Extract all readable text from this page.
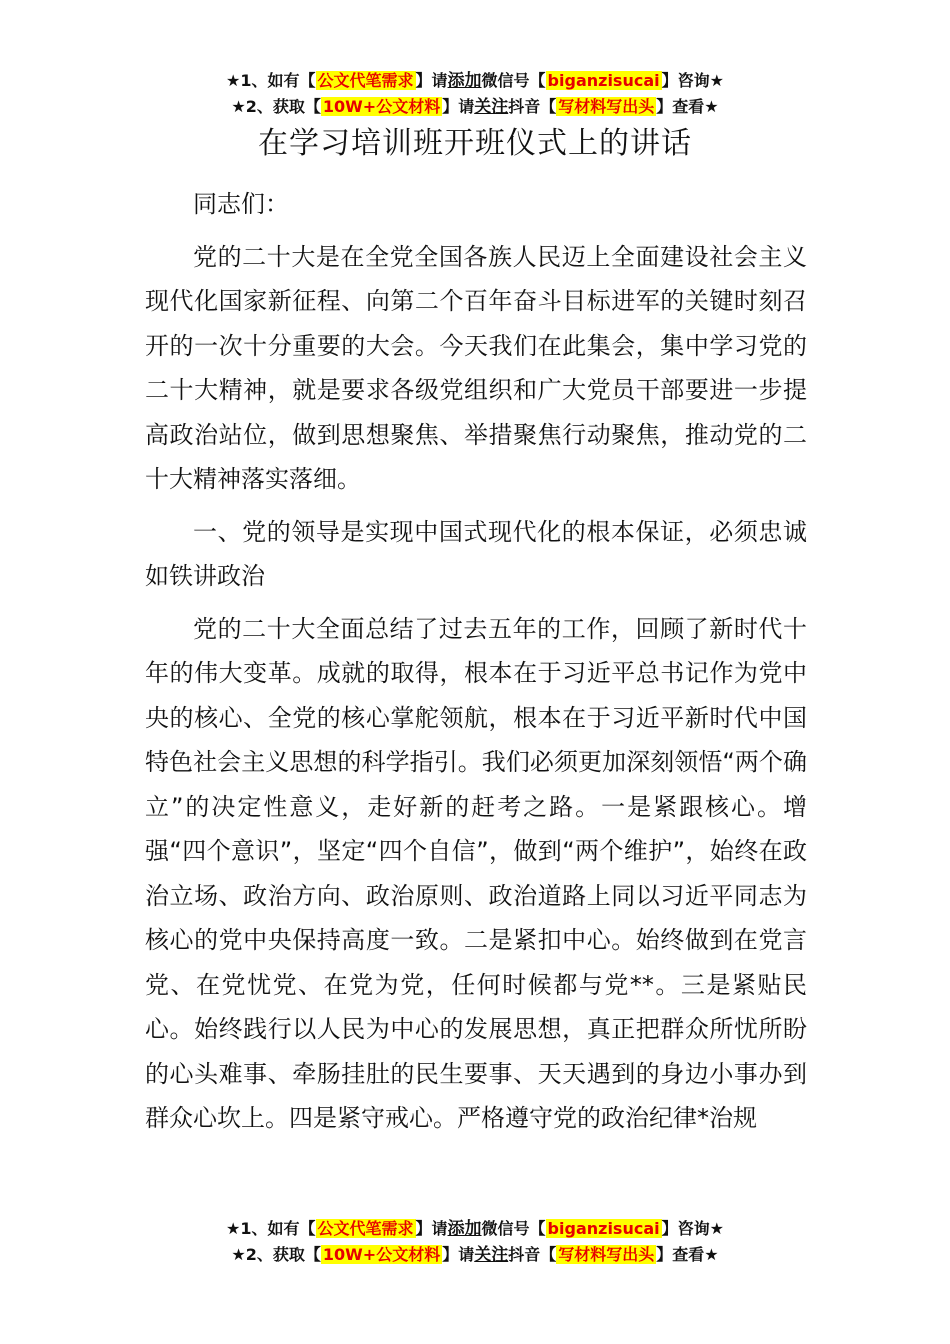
★1、如有【 公文代笔需求 】请添加微信号【 biganzisucai 】咨询★
★2、获取【 10W+公文材料 】请关注抖音【 写材料写出头 】查看★
在学习培训班开班仪式上的讲话

同志们：

党的二十大是在全党全国各族人民迈上全面建设社会主义现代化国家新征程、向第二个百年奋斗目标进军的关键时刻召开的一次十分重要的大会。今天我们在此集会，集中学习党的二十大精神，就是要求各级党组织和广大党员干部要进一步提高政治站位，做到思想聚焦、举措聚焦行动聚焦，推动党的二十大精神落实落细。

一、党的领导是实现中国式现代化的根本保证，必须忠诚如铁讲政治

党的二十大全面总结了过去五年的工作，回顾了新时代十年的伟大变革。成就的取得，根本在于习近平总书记作为党中央的核心、全党的核心掌舵领航，根本在于习近平新时代中国特色社会主义思想的科学指引。我们必须更加深刻领悟“两个确立”的决定性意义，走好新的赶考之路。一是紧跟核心。增强“四个意识”，坚定“四个自信”，做到“两个维护”，始终在政治立场、政治方向、政治原则、政治道路上同以习近平同志为核心的党中央保持高度一致。二是紧扣中心。始终做到在党言党、在党忧党、在党为党，任何时候都与党**。三是紧贴民心。始终践行以人民为中心的发展思想，真正把群众所忧所盼的心头难事、牵肠挂肚的民生要事、天天遇到的身边小事办到群众心坎上。四是紧守戒心。严格遵守党的政治纪律*治规

★1、如有【 公文代笔需求 】请添加微信号【 biganzisucai 】咨询★
★2、获取【 10W+公文材料 】请关注抖音【 写材料写出头 】查看★
